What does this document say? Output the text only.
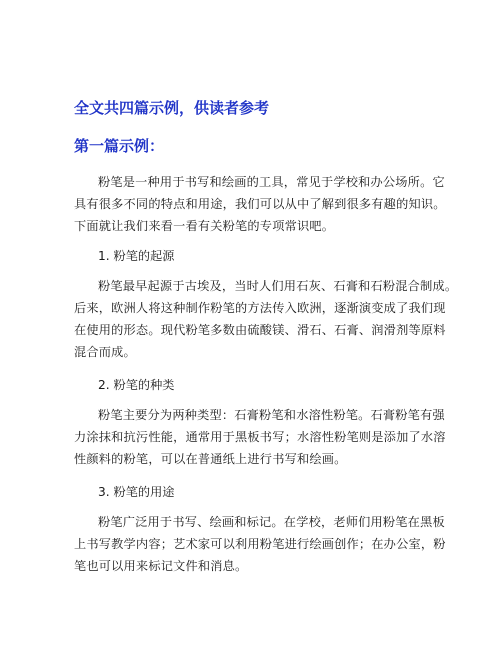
全文共四篇示例，供读者参考
第一篇示例：
粉笔是一种用于书写和绘画的工具，常见于学校和办公场所。它
具有很多不同的特点和用途，我们可以从中了解到很多有趣的知识。
下面就让我们来看一看有关粉笔的专项常识吧。
1. 粉笔的起源
粉笔最早起源于古埃及，当时人们用石灰、石膏和石粉混合制成。
后来，欧洲人将这种制作粉笔的方法传入欧洲，逐渐演变成了我们现
在使用的形态。现代粉笔多数由硫酸镁、滑石、石膏、润滑剂等原料
混合而成。
2. 粉笔的种类
粉笔主要分为两种类型：石膏粉笔和水溶性粉笔。石膏粉笔有强
力涂抹和抗污性能，通常用于黑板书写；水溶性粉笔则是添加了水溶
性颜料的粉笔，可以在普通纸上进行书写和绘画。
3. 粉笔的用途
粉笔广泛用于书写、绘画和标记。在学校，老师们用粉笔在黑板
上书写教学内容；艺术家可以利用粉笔进行绘画创作；在办公室，粉
笔也可以用来标记文件和消息。
